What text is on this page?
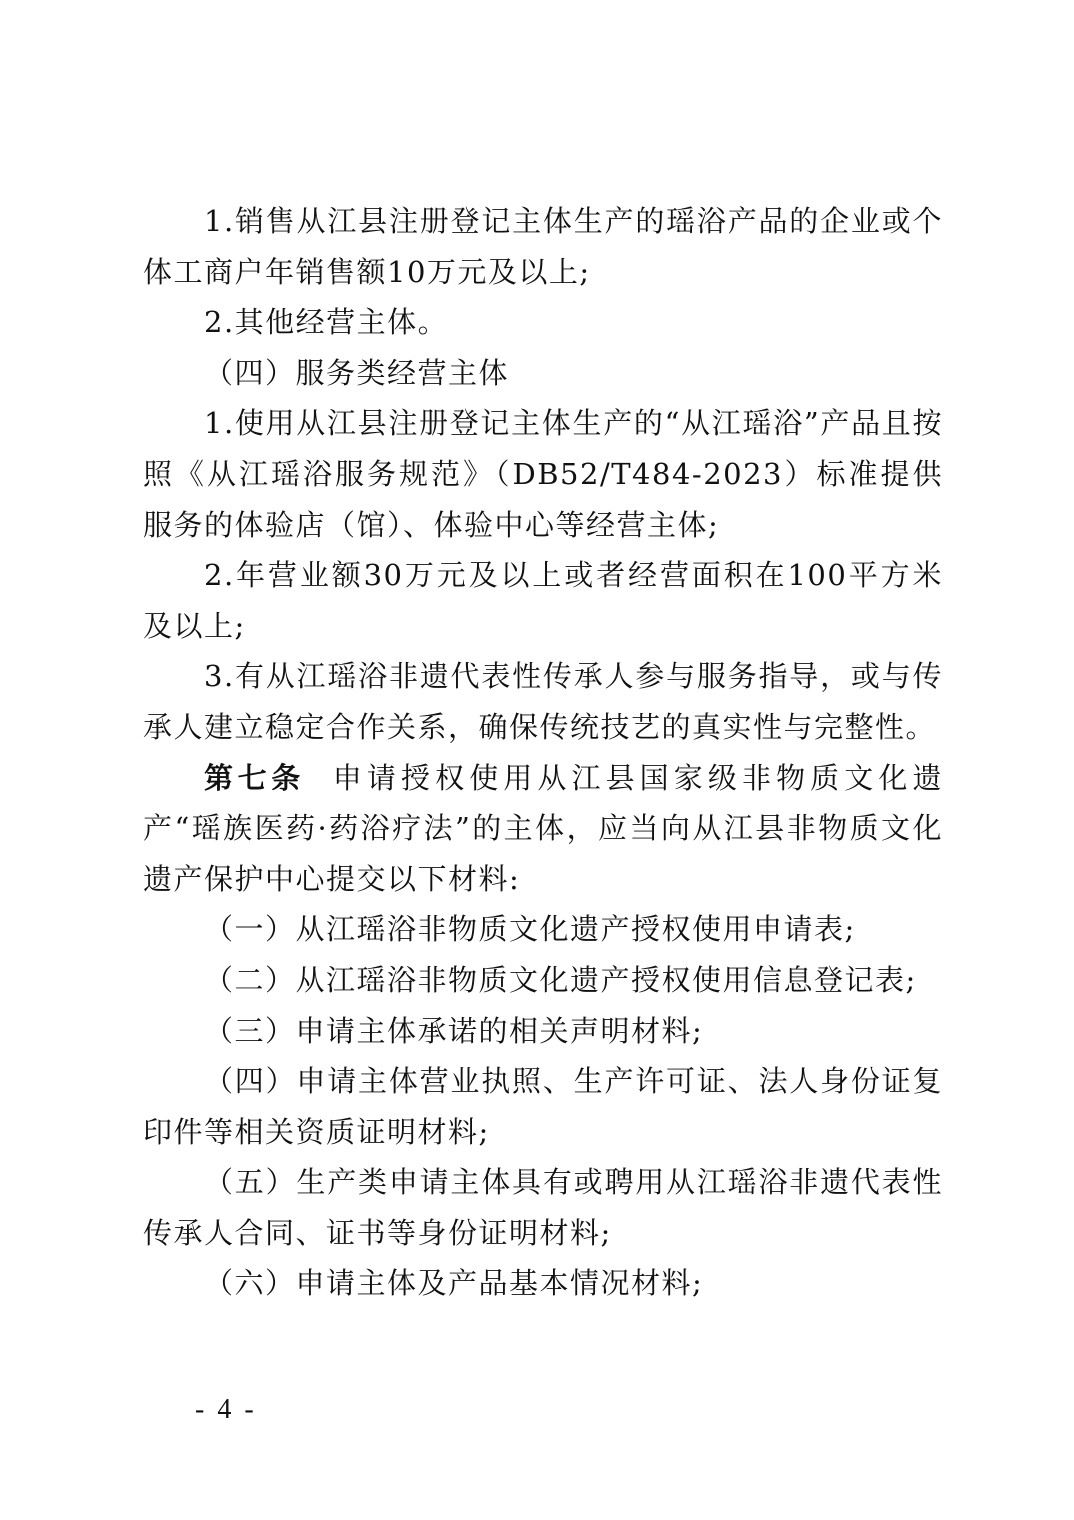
1.销售从江县注册登记主体生产的瑶浴产品的企业或个体工商户年销售额10万元及以上;

2.其他经营主体。

（四）服务类经营主体

1.使用从江县注册登记主体生产的“从江瑶浴”产品且按照《从江瑶浴服务规范》（DB52/T484-2023）标准提供服务的体验店（馆）、体验中心等经营主体;

2.年营业额30万元及以上或者经营面积在100平方米及以上;

3.有从江瑶浴非遗代表性传承人参与服务指导，或与传承人建立稳定合作关系，确保传统技艺的真实性与完整性。

第七条 申请授权使用从江县国家级非物质文化遗产“瑶族医药·药浴疗法”的主体，应当向从江县非物质文化遗产保护中心提交以下材料:

（一）从江瑶浴非物质文化遗产授权使用申请表;

（二）从江瑶浴非物质文化遗产授权使用信息登记表;

（三）申请主体承诺的相关声明材料;

（四）申请主体营业执照、生产许可证、法人身份证复印件等相关资质证明材料;

（五）生产类申请主体具有或聘用从江瑶浴非遗代表性传承人合同、证书等身份证明材料;

（六）申请主体及产品基本情况材料;

- 4 -
